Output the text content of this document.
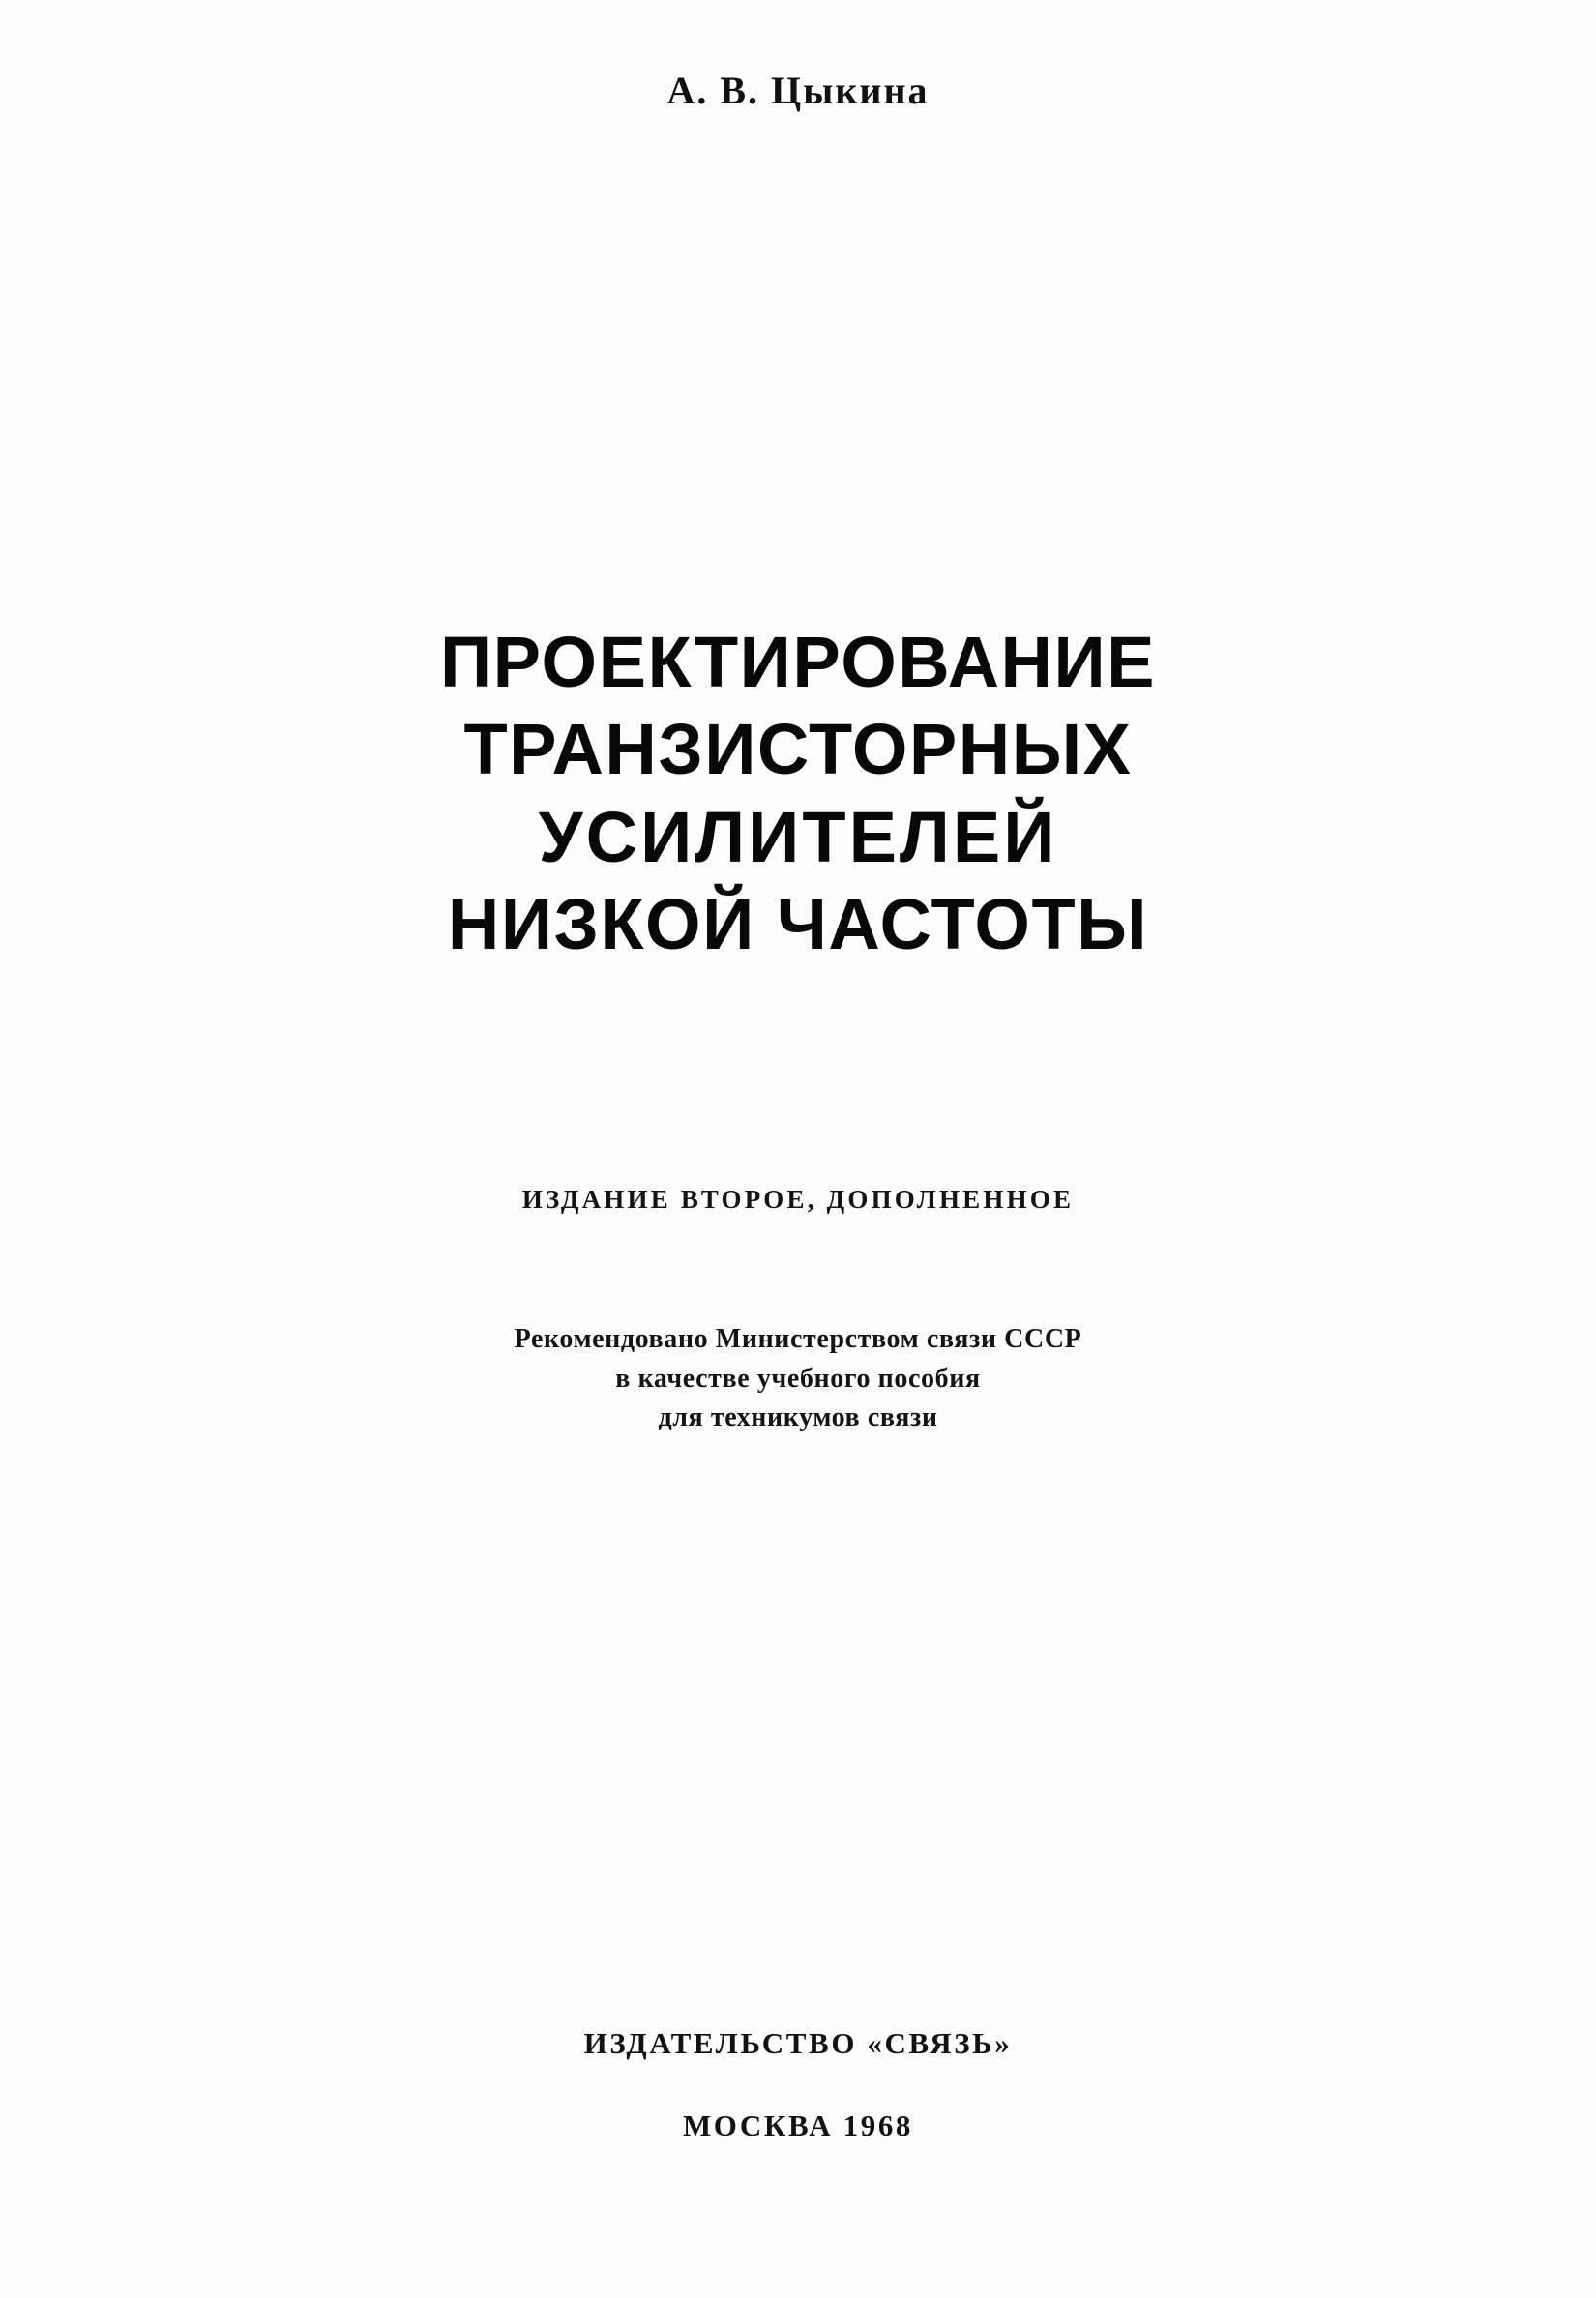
А. В. Цыкина
ПРОЕКТИРОВАНИЕ
ТРАНЗИСТОРНЫХ
УСИЛИТЕЛЕЙ
НИЗКОЙ ЧАСТОТЫ
ИЗДАНИЕ ВТОРОЕ, ДОПОЛНЕННОЕ
Рекомендовано Министерством связи СССР
в качестве учебного пособия
для техникумов связи
ИЗДАТЕЛЬСТВО «СВЯЗЬ»
МОСКВА 1968
